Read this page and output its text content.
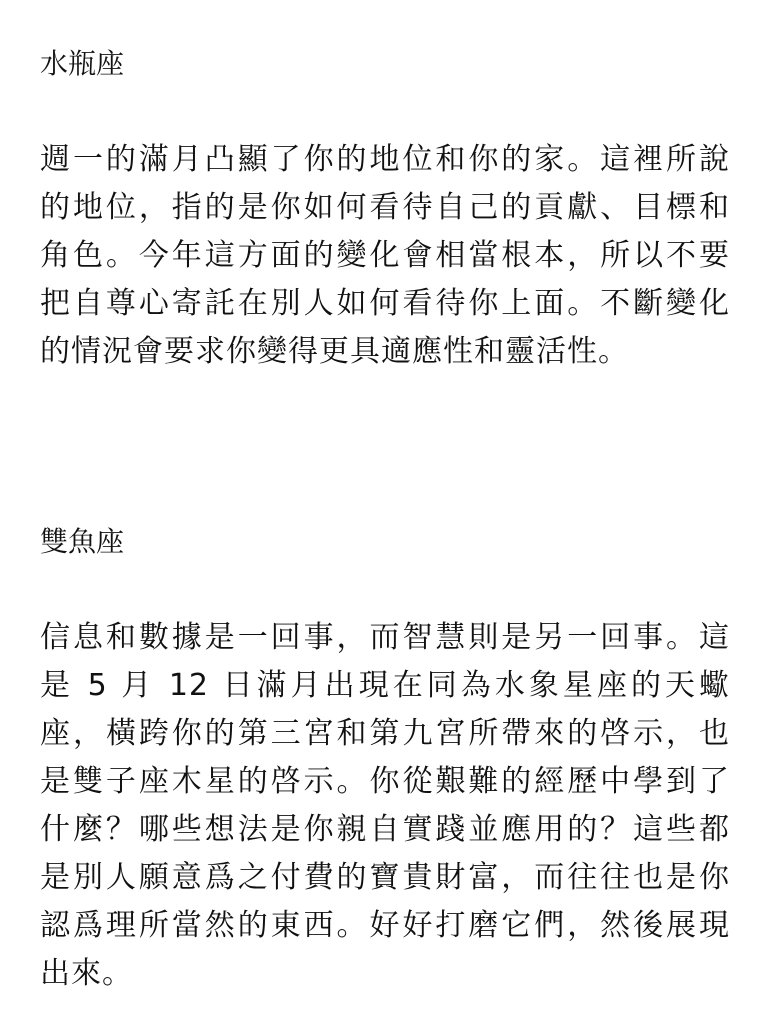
水瓶座
週一的滿月凸顯了你的地位和你的家。這裡所說
的地位，指的是你如何看待自己的貢獻、目標和
角色。今年這方面的變化會相當根本，所以不要
把自尊心寄託在別人如何看待你上面。不斷變化
的情況會要求你變得更具適應性和靈活性。
雙魚座
信息和數據是一回事，而智慧則是另一回事。這
是 5 月 12 日滿月出現在同為水象星座的天蠍
座，橫跨你的第三宮和第九宮所帶來的啓示，也
是雙子座木星的啓示。你從艱難的經歷中學到了
什麼？哪些想法是你親自實踐並應用的？這些都
是別人願意爲之付費的寶貴財富，而往往也是你
認爲理所當然的東西。好好打磨它們，然後展現
出來。
